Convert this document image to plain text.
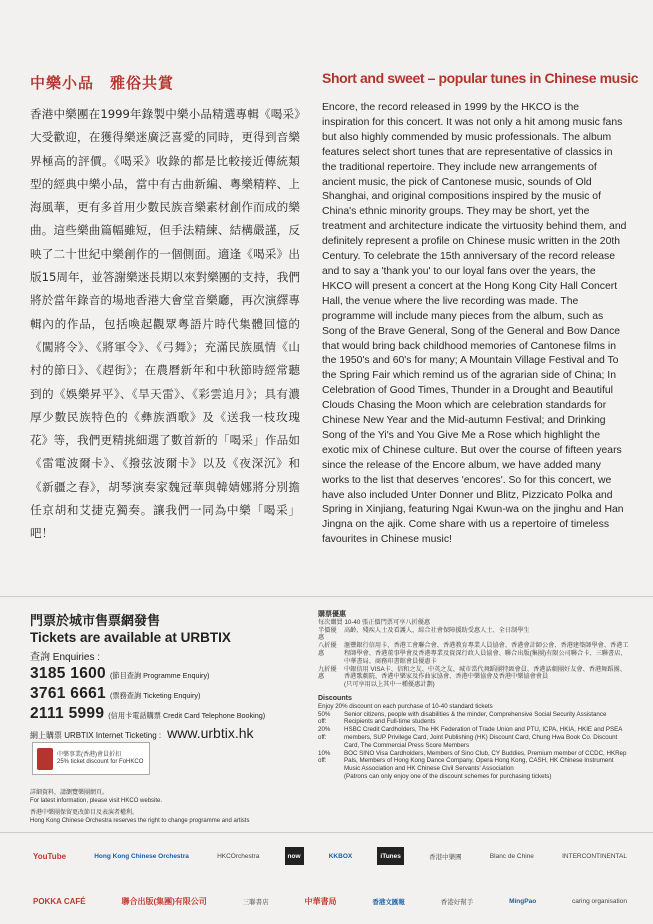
中樂小品　雅俗共賞	Short and sweet – popular tunes in Chinese music
香港中樂團在1999年錄製中樂小品精選專輯《喝采》大受歡迎，在獲得樂迷廣泛喜愛的同時，更得到音樂界極高的評價。《喝采》收錄的都是比較接近傳統類型的經典中樂小品，當中有古曲新編、粵樂精粹、上海風華，更有多首用少數民族音樂素材創作而成的樂曲。這些樂曲篇幅雖短，但手法精練、結構嚴謹，反映了二十世紀中樂創作的一個側面。適逢《喝采》出版15周年，並答謝樂迷長期以來對樂團的支持，我們將於當年錄音的場地香港大會堂音樂廳，再次演繹專輯內的作品，包括喚起觀眾粵語片時代集體回憶的《闖將令》、《將軍令》、《弓舞》；充滿民族風情《山村的節日》、《趕街》；在農曆新年和中秋節時經常聽到的《娛樂昇平》、《旱天雷》、《彩雲追月》；具有濃厚少數民族特色的《彝族酒歌》及《送我一枝玫瑰花》等，我們更精挑細選了數首新的「喝采」作品如《雷電波爾卡》、《撥弦波爾卡》以及《夜深沉》和《新疆之春》，胡琴演奏家魏冠華與韓婧娜將分別擔任京胡和艾捷克獨奏。讓我們一同為中樂「喝采」吧！

Encore, the record released in 1999 by the HKCO is the inspiration for this concert. It was not only a hit among music fans but also highly commended by music professionals. The album features select short tunes that are representative of classics in the traditional repertoire. They include new arrangements of ancient music, the pick of Cantonese music, sounds of Old Shanghai, and original compositions inspired by the music of China's ethnic minority groups. They may be short, yet the treatment and architecture indicate the virtuosity behind them, and definitely represent a profile on Chinese music written in the 20th Century. To celebrate the 15th anniversary of the record release and to say a 'thank you' to our loyal fans over the years, the HKCO will present a concert at the Hong Kong City Hall Concert Hall, the venue where the live recording was made. The programme will include many pieces from the album, such as Song of the Brave General, Song of the General and Bow Dance that would bring back childhood memories of Cantonese films in the 1950's and 60's for many; A Mountain Village Festival and To the Spring Fair which remind us of the agrarian side of China; In Celebration of Good Times, Thunder in a Drought and Beautiful Clouds Chasing the Moon which are celebration standards for Chinese New Year and the Mid-autumn Festival; and Drinking Song of the Yi's and You Give Me a Rose which highlight the exotic mix of Chinese culture. But over the course of fifteen years since the release of the Encore album, we have added many works to the list that deserves 'encores'. So for this concert, we have also included Unter Donner und Blitz, Pizzicato Polka and Spring in Xinjiang, featuring Ngai Kwun-wa on the jinghu and Han Jingna on the ajik. Come share with us a repertoire of timeless favourites in Chinese music!

門票於城市售票網發售
Tickets are available at URBTIX
查詢 Enquiries :
3185 1600 (節目查詢 Programme Enquiry)
3761 6661 (票務查詢 Ticketing Enquiry)
2111 5999 (信用卡電話購票 Credit Card Telephone Booking)
網上購票 URBTIX Internet Ticketing : www.urbtix.hk
中樂事業(香港)會員折扣
25% ticket discount for FoHKCO
詳細資料，請瀏覽樂團網頁。
For latest information, please visit HKCO website.
香港中樂團保留更改節目及表演者權利。
Hong Kong Chinese Orchestra reserves the right to change programme and artists
購票優惠
每次購買 10-40 張正價門票可享八折優惠
半價優惠
高齡、殘疾人士及看護人、綜合社會保障援助受惠人士、全日制學生
八折優惠
滙豐銀行信用卡、香港工會聯合會、香港教育專業人員協會、香港會計師公會、香港建築師學會、香港工程師學會、香港董事學會及香港專業及資深行政人員協會、聯合出版(集團)有限公司聯合卡、三聯書店、中華書局、商務印書館會員優惠卡
九折優惠
中銀信用 VISA卡、信和之友、中英之友、城市當代舞蹈團特級會員、香港話劇團好友會、香港舞蹈團、香港歌劇院、香港中樂家及作曲家協會、香港中樂協會及香港中樂協會會員
(只可享用以上其中一種優惠計劃)
Discounts
Enjoy 20% discount on each purchase of 10-40 standard tickets
50% off:
Senior citizens, people with disabilities & the minder, Comprehensive Social Security Assistance Recipients and Full-time students
20% off:
HSBC Credit Cardholders, The HK Federation of Trade Union and PTU, ICPA, HKIA, HKIE and PSEA members, SUP Privilege Card, Joint Publishing (HK) Discount Card, Chung Hwa Book Co. Discount Card, The Commercial Press Score Members
10% off:
BOC SINO Visa Cardholders, Members of Sino Club, CY Buddies, Premium member of CCDC, HKRep Pals, Members of Hong Kong Dance Company, Opera Hong Kong, CASH, HK Chinese Instrument Music Association and HK Chinese Civil Servants' Association
(Patrons can only enjoy one of the discount schemes for purchasing tickets)
YouTube	Hong Kong Chinese Orchestra	HKCOrchestra	now	KKBOX	iTunes	香港中樂團	Blanc de Chine	INTERCONTINENTAL
POKKA CAFÉ	聯合出版(集團)有限公司	三聯書店	中華書局	香港文匯報	香港好幫手	MingPao	caring organisation
